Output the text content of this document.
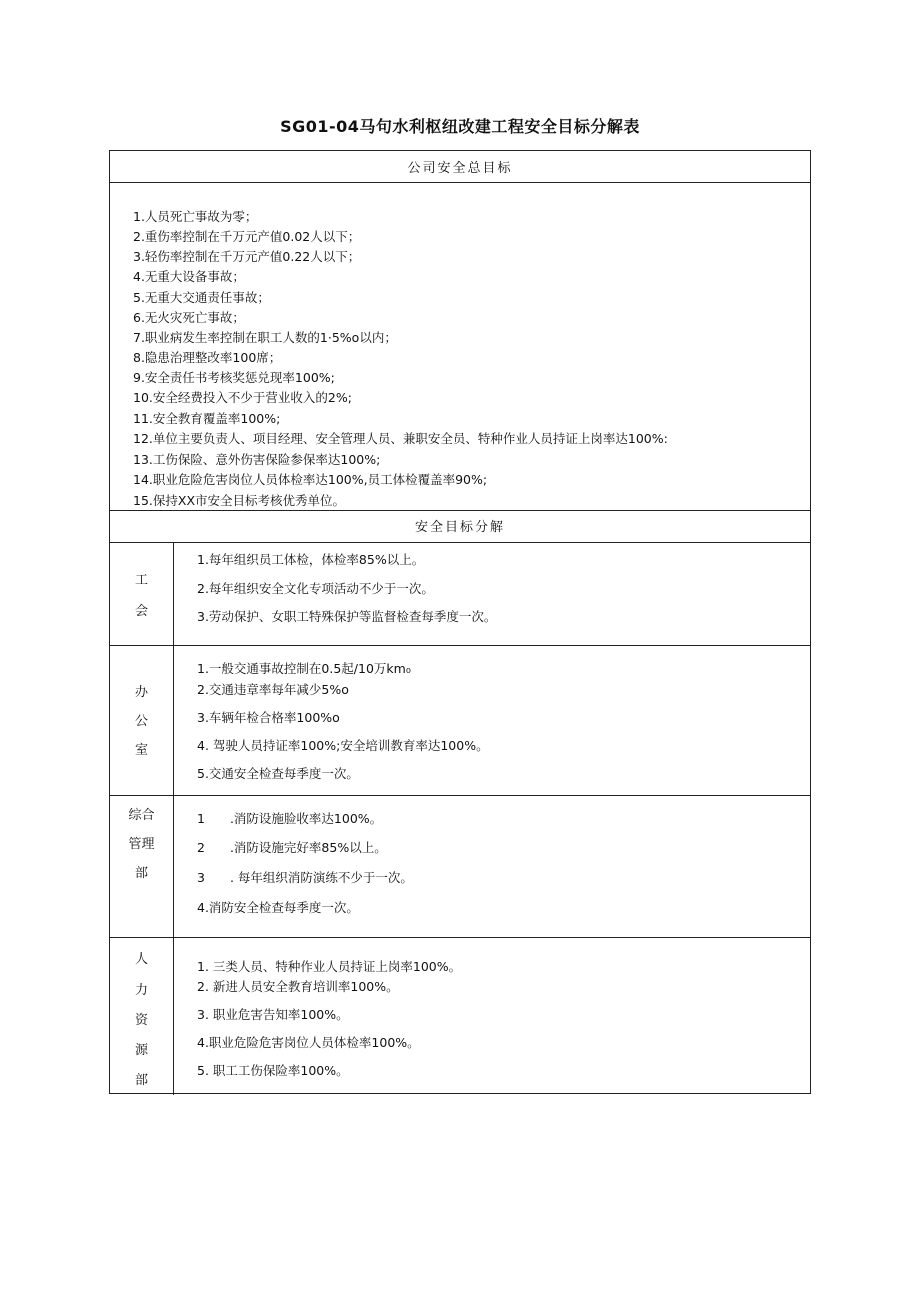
SG01-04马句水利枢纽改建工程安全目标分解表
公司安全总目标
1.人员死亡事故为零；
2.重伤率控制在千万元产值0.02人以下；
3.轻伤率控制在千万元产值0.22人以下；
4.无重大设备事故；
5.无重大交通责任事故；
6.无火灾死亡事故；
7.职业病发生率控制在职工人数的1·5%o以内；
8.隐患治理整改率100席；
9.安全责任书考核奖惩兑现率100%;
10.安全经费投入不少于营业收入的2%;
11.安全教育覆盖率100%;
12.单位主要负责人、项目经理、安全管理人员、兼职安全员、特种作业人员持证上岗率达100%:
13.工伤保险、意外伤害保险参保率达100%;
14.职业危险危害岗位人员体检率达100%,员工体检覆盖率90%;
15.保持XX市安全目标考核优秀单位。
安全目标分解
工
会
1.每年组织员工体检，体检率85%以上。
2.每年组织安全文化专项活动不少于一次。
3.劳动保护、女职工特殊保护等监督检查每季度一次。
办
公
室
1.一般交通事故控制在0.5起/10万km₀
2.交通违章率每年减少5%o
3.车辆年检合格率100%o
4. 驾驶人员持证率100%;安全培训教育率达100%。
5.交通安全检查每季度一次。
综合
管理
部
1　　.消防设施脸收率达100%。
2　　.消防设施完好率85%以上。
3　　. 每年组织消防演练不少于一次。
4.消防安全检查每季度一次。
人
力
资
源
部
1. 三类人员、特种作业人员持证上岗率100%。
2. 新进人员安全教育培训率100%。
3. 职业危害告知率100%。
4.职业危险危害岗位人员体检率100%。
5. 职工工伤保险率100%。
